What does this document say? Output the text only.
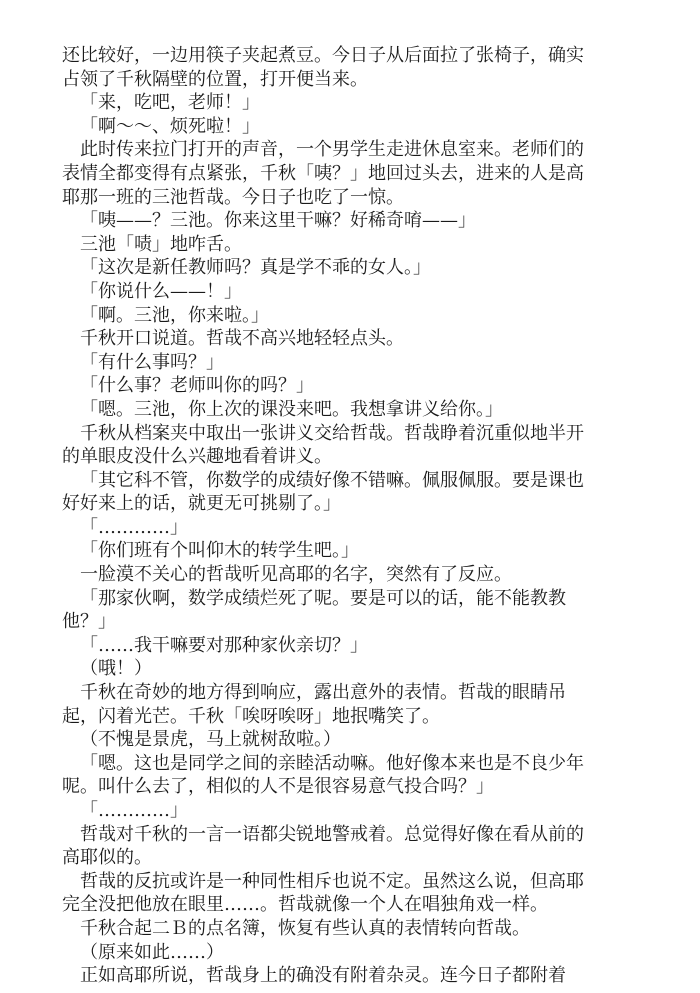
还比较好，一边用筷子夹起煮豆。今日子从后面拉了张椅子，确实

占领了千秋隔壁的位置，打开便当来。

「来，吃吧，老师！」

「啊～～、烦死啦！」

此时传来拉门打开的声音，一个男学生走进休息室来。老师们的

表情全都变得有点紧张，千秋「咦？」地回过头去，进来的人是高

耶那一班的三池哲哉。今日子也吃了一惊。

「咦——？三池。你来这里干嘛？好稀奇唷——」

三池「啧」地咋舌。

「这次是新任教师吗？真是学不乖的女人。」

「你说什么——！」

「啊。三池，你来啦。」

千秋开口说道。哲哉不高兴地轻轻点头。

「有什么事吗？」

「什么事？老师叫你的吗？」

「嗯。三池，你上次的课没来吧。我想拿讲义给你。」

千秋从档案夹中取出一张讲义交给哲哉。哲哉睁着沉重似地半开

的单眼皮没什么兴趣地看着讲义。

「其它科不管，你数学的成绩好像不错嘛。佩服佩服。要是课也

好好来上的话，就更无可挑剔了。」

「…………」

「你们班有个叫仰木的转学生吧。」

一脸漠不关心的哲哉听见高耶的名字，突然有了反应。

「那家伙啊，数学成绩烂死了呢。要是可以的话，能不能教教

他？」

「……我干嘛要对那种家伙亲切？」

（哦！）

千秋在奇妙的地方得到响应，露出意外的表情。哲哉的眼睛吊

起，闪着光芒。千秋「唉呀唉呀」地抿嘴笑了。

（不愧是景虎，马上就树敌啦。）

「嗯。这也是同学之间的亲睦活动嘛。他好像本来也是不良少年

呢。叫什么去了，相似的人不是很容易意气投合吗？」

「…………」

哲哉对千秋的一言一语都尖锐地警戒着。总觉得好像在看从前的

高耶似的。

哲哉的反抗或许是一种同性相斥也说不定。虽然这么说，但高耶

完全没把他放在眼里……。哲哉就像一个人在唱独角戏一样。

千秋合起二Ｂ的点名簿，恢复有些认真的表情转向哲哉。

（原来如此……）

正如高耶所说，哲哉身上的确没有附着杂灵。连今日子都附着
